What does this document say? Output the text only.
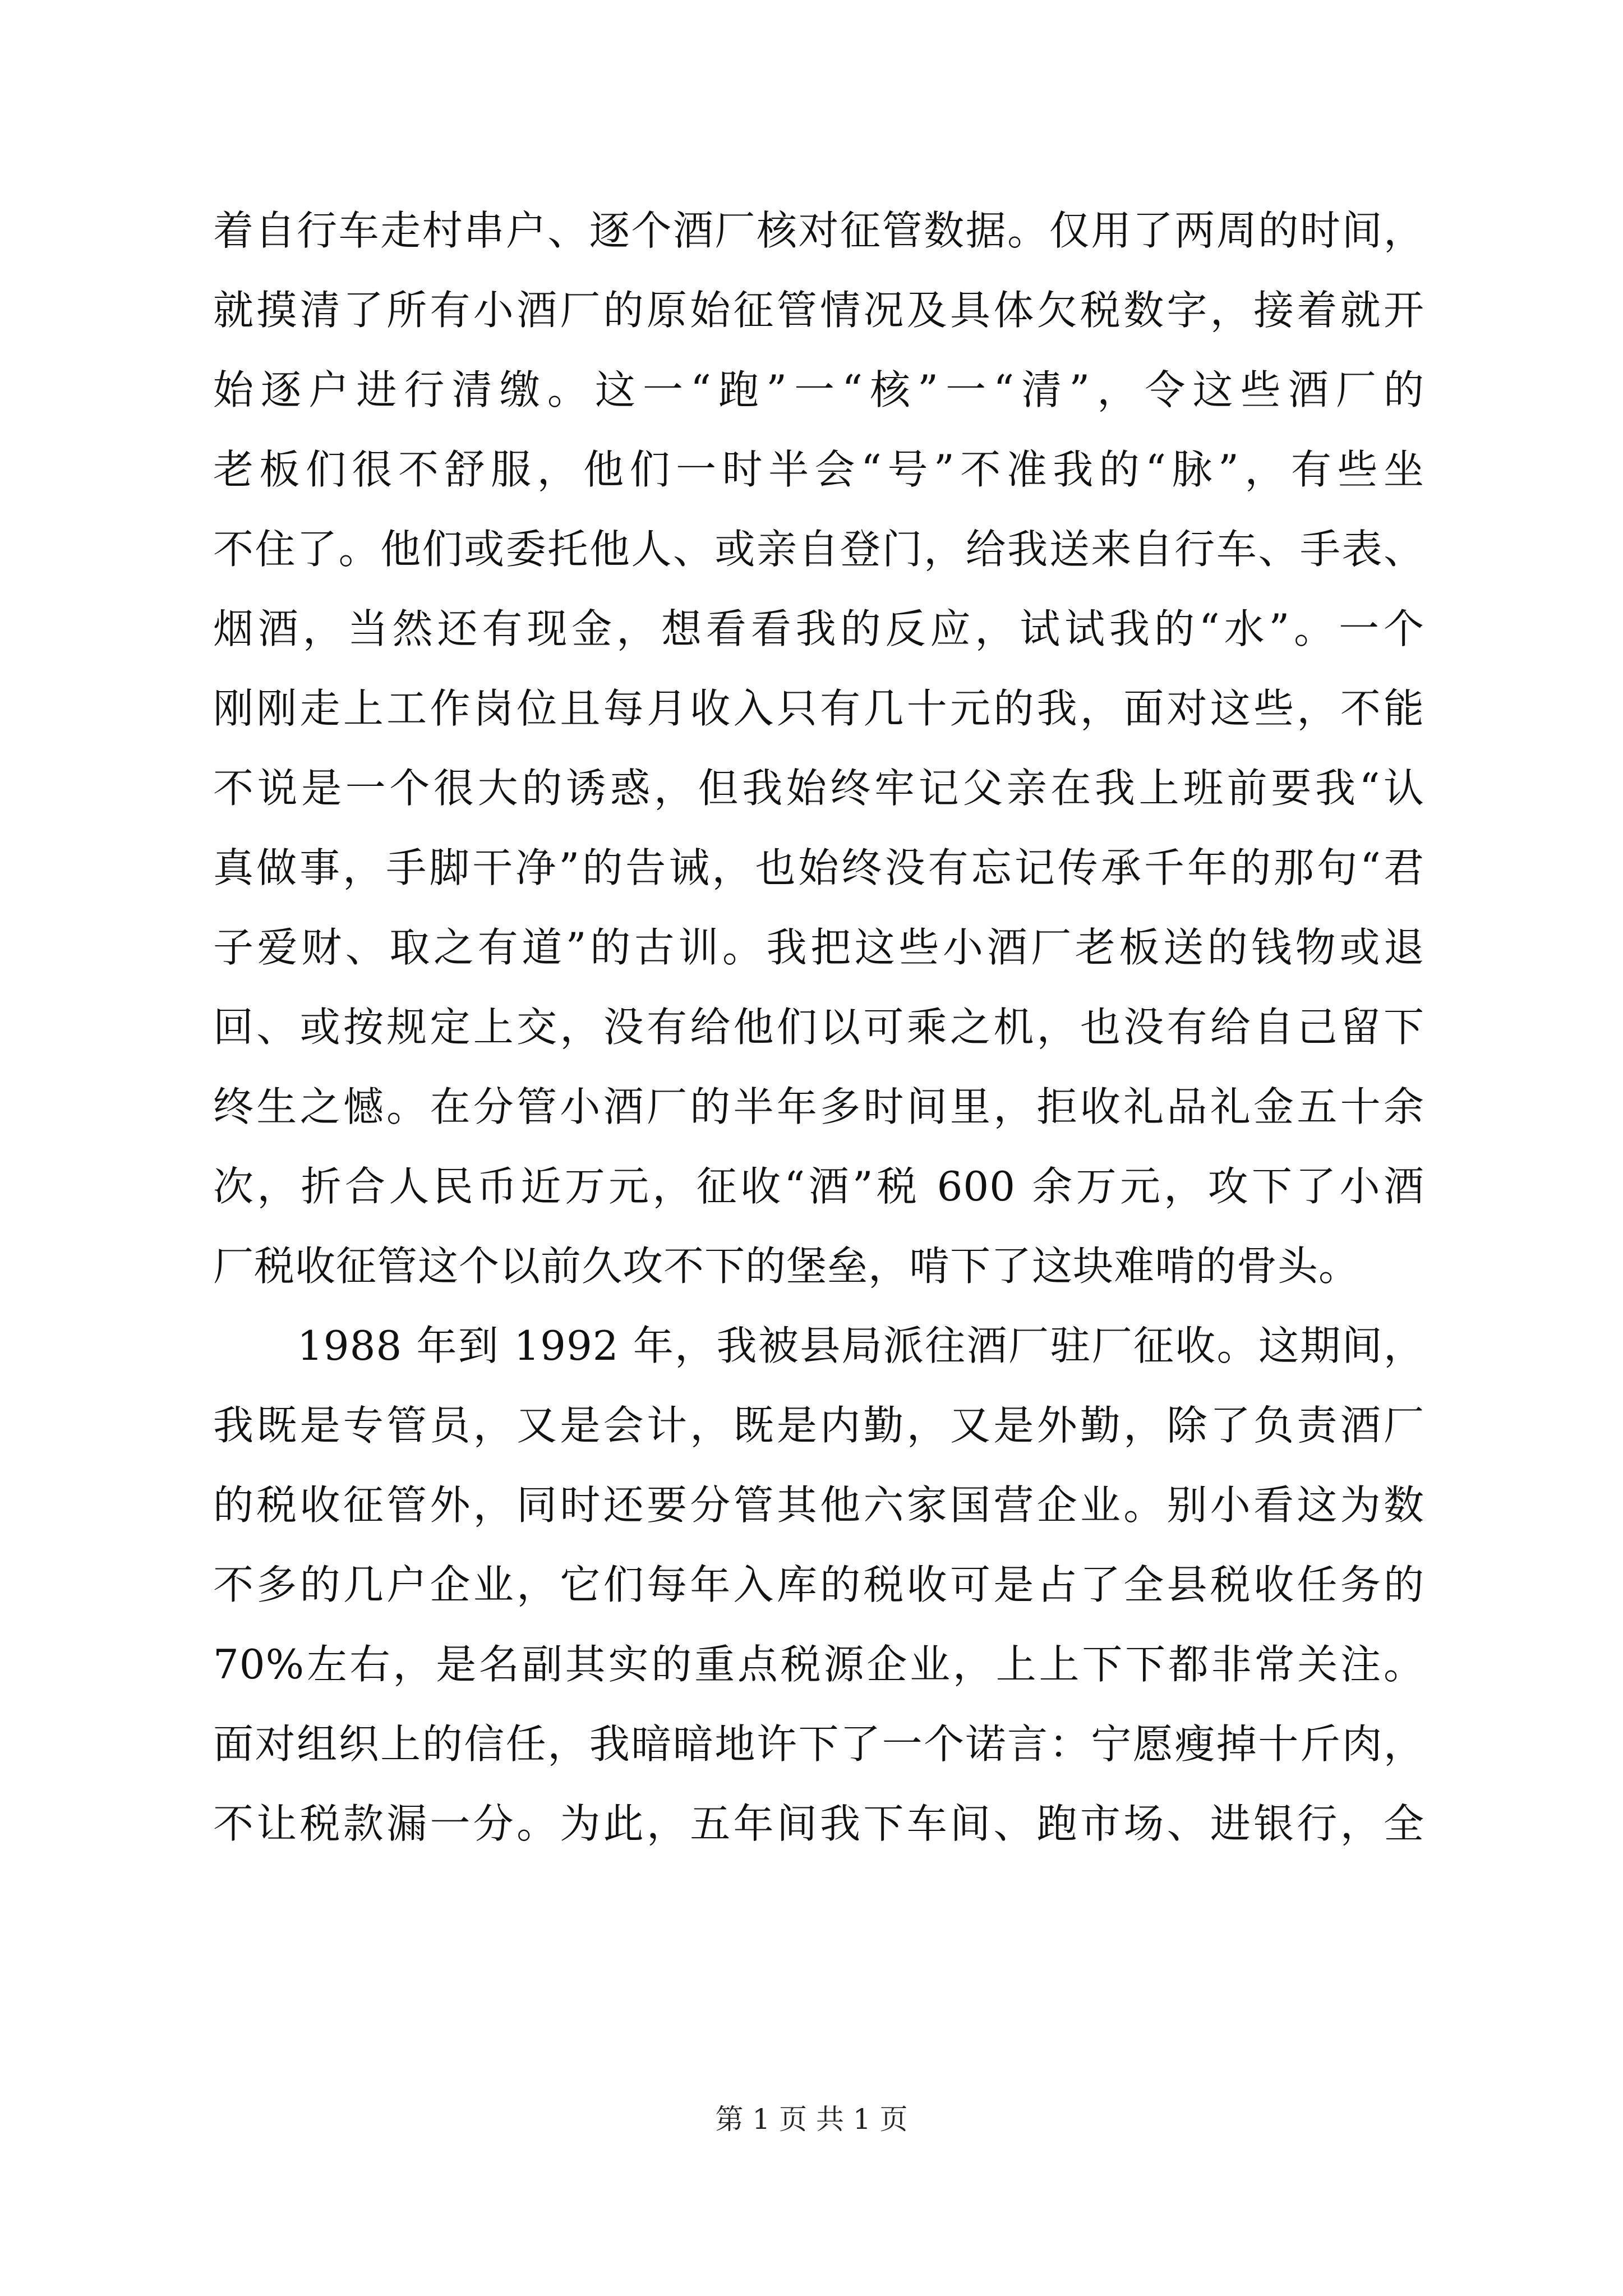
着自行车走村串户、逐个酒厂核对征管数据。仅用了两周的时间，
就摸清了所有小酒厂的原始征管情况及具体欠税数字，接着就开
始逐户进行清缴。这一“跑”一“核”一“清”，令这些酒厂的
老板们很不舒服，他们一时半会“号”不准我的“脉”，有些坐
不住了。他们或委托他人、或亲自登门，给我送来自行车、手表、
烟酒，当然还有现金，想看看我的反应，试试我的“水”。一个
刚刚走上工作岗位且每月收入只有几十元的我，面对这些，不能
不说是一个很大的诱惑，但我始终牢记父亲在我上班前要我“认
真做事，手脚干净”的告诫，也始终没有忘记传承千年的那句“君
子爱财、取之有道”的古训。我把这些小酒厂老板送的钱物或退
回、或按规定上交，没有给他们以可乘之机，也没有给自己留下
终生之憾。在分管小酒厂的半年多时间里，拒收礼品礼金五十余
次，折合人民币近万元，征收“酒”税 600 余万元，攻下了小酒
厂税收征管这个以前久攻不下的堡垒，啃下了这块难啃的骨头。
1988 年到 1992 年，我被县局派往酒厂驻厂征收。这期间，
我既是专管员，又是会计，既是内勤，又是外勤，除了负责酒厂
的税收征管外，同时还要分管其他六家国营企业。别小看这为数
不多的几户企业，它们每年入库的税收可是占了全县税收任务的
70%左右，是名副其实的重点税源企业，上上下下都非常关注。
面对组织上的信任，我暗暗地许下了一个诺言：宁愿瘦掉十斤肉，
不让税款漏一分。为此，五年间我下车间、跑市场、进银行，全
第 1 页 共 1 页
